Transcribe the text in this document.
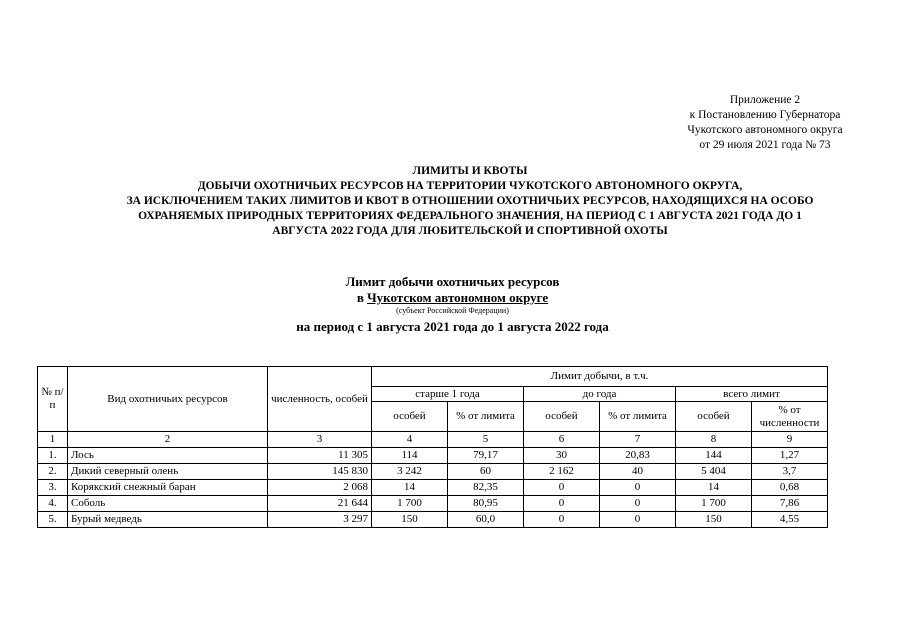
Приложение 2
к Постановлению Губернатора
Чукотского автономного округа
от 29 июля 2021 года № 73
ЛИМИТЫ И КВОТЫ
ДОБЫЧИ ОХОТНИЧЬИХ РЕСУРСОВ НА ТЕРРИТОРИИ ЧУКОТСКОГО АВТОНОМНОГО ОКРУГА,
ЗА ИСКЛЮЧЕНИЕМ ТАКИХ ЛИМИТОВ И КВОТ В ОТНОШЕНИИ ОХОТНИЧЬИХ РЕСУРСОВ, НАХОДЯЩИХСЯ НА ОСОБО
ОХРАНЯЕМЫХ ПРИРОДНЫХ ТЕРРИТОРИЯХ ФЕДЕРАЛЬНОГО ЗНАЧЕНИЯ, НА ПЕРИОД С 1 АВГУСТА 2021 ГОДА ДО 1
АВГУСТА 2022 ГОДА ДЛЯ ЛЮБИТЕЛЬСКОЙ И СПОРТИВНОЙ ОХОТЫ
Лимит добычи охотничьих ресурсов
в Чукотском автономном округе
(субъект Российской Федерации)
на период с 1 августа 2021 года до 1 августа 2022 года
№ п/п	Вид охотничьих ресурсов	численность, особей	Лимит добычи, в т.ч.					
			старше 1 года		до года		всего лимит	
			особей	% от лимита	особей	% от лимита	особей	% от численности
1	2	3	4	5	6	7	8	9
1.	Лось	11 305	114	79,17	30	20,83	144	1,27
2.	Дикий северный олень	145 830	3 242	60	2 162	40	5 404	3,7
3.	Корякский снежный баран	2 068	14	82,35	0	0	14	0,68
4.	Соболь	21 644	1 700	80,95	0	0	1 700	7,86
5.	Бурый медведь	3 297	150	60,0	0	0	150	4,55
